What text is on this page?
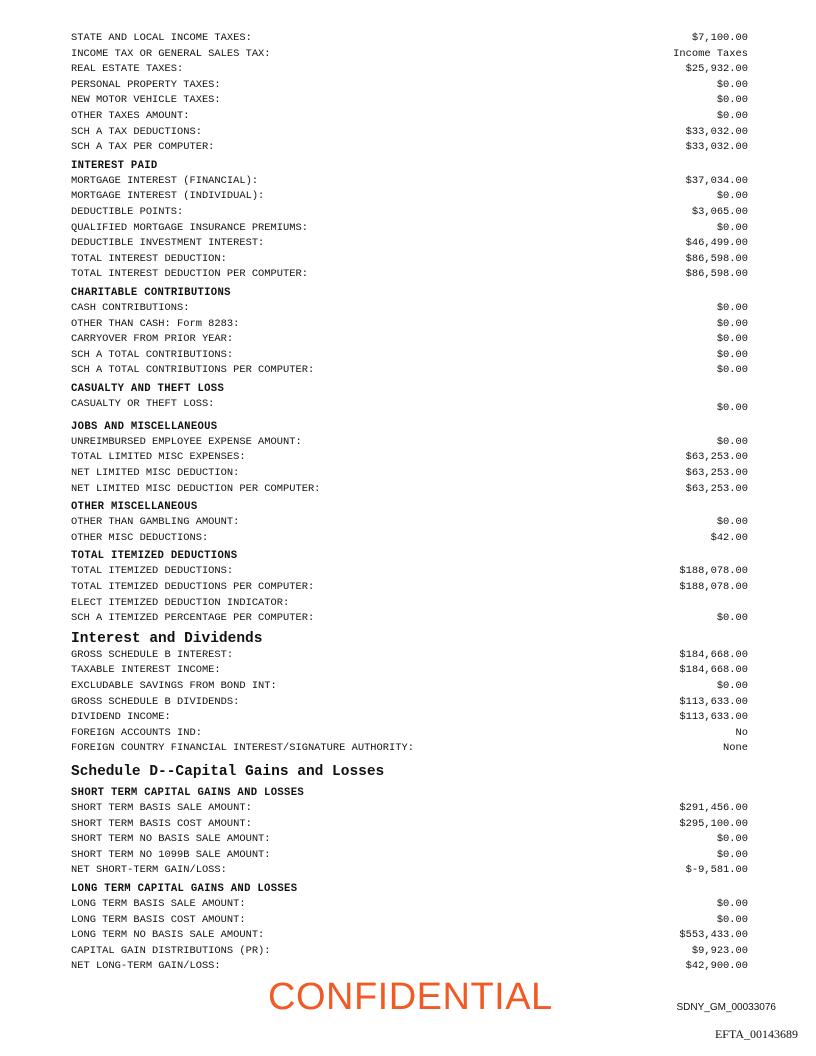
STATE AND LOCAL INCOME TAXES:	$7,100.00
INCOME TAX OR GENERAL SALES TAX:	Income Taxes
REAL ESTATE TAXES:	$25,932.00
PERSONAL PROPERTY TAXES:	$0.00
NEW MOTOR VEHICLE TAXES:	$0.00
OTHER TAXES AMOUNT:	$0.00
SCH A TAX DEDUCTIONS:	$33,032.00
SCH A TAX PER COMPUTER:	$33,032.00
INTEREST PAID
MORTGAGE INTEREST (FINANCIAL):	$37,034.00
MORTGAGE INTEREST (INDIVIDUAL):	$0.00
DEDUCTIBLE POINTS:	$3,065.00
QUALIFIED MORTGAGE INSURANCE PREMIUMS:	$0.00
DEDUCTIBLE INVESTMENT INTEREST:	$46,499.00
TOTAL INTEREST DEDUCTION:	$86,598.00
TOTAL INTEREST DEDUCTION PER COMPUTER:	$86,598.00
CHARITABLE CONTRIBUTIONS
CASH CONTRIBUTIONS:	$0.00
OTHER THAN CASH: Form 8283:	$0.00
CARRYOVER FROM PRIOR YEAR:	$0.00
SCH A TOTAL CONTRIBUTIONS:	$0.00
SCH A TOTAL CONTRIBUTIONS PER COMPUTER:	$0.00
CASUALTY AND THEFT LOSS
CASUALTY OR THEFT LOSS:	$0.00
JOBS AND MISCELLANEOUS
UNREIMBURSED EMPLOYEE EXPENSE AMOUNT:	$0.00
TOTAL LIMITED MISC EXPENSES:	$63,253.00
NET LIMITED MISC DEDUCTION:	$63,253.00
NET LIMITED MISC DEDUCTION PER COMPUTER:	$63,253.00
OTHER MISCELLANEOUS
OTHER THAN GAMBLING AMOUNT:	$0.00
OTHER MISC DEDUCTIONS:	$42.00
TOTAL ITEMIZED DEDUCTIONS
TOTAL ITEMIZED DEDUCTIONS:	$188,078.00
TOTAL ITEMIZED DEDUCTIONS PER COMPUTER:	$188,078.00
ELECT ITEMIZED DEDUCTION INDICATOR:
SCH A ITEMIZED PERCENTAGE PER COMPUTER:	$0.00
Interest and Dividends
GROSS SCHEDULE B INTEREST:	$184,668.00
TAXABLE INTEREST INCOME:	$184,668.00
EXCLUDABLE SAVINGS FROM BOND INT:	$0.00
GROSS SCHEDULE B DIVIDENDS:	$113,633.00
DIVIDEND INCOME:	$113,633.00
FOREIGN ACCOUNTS IND:	No
FOREIGN COUNTRY FINANCIAL INTEREST/SIGNATURE AUTHORITY:	None
Schedule D--Capital Gains and Losses
SHORT TERM CAPITAL GAINS AND LOSSES
SHORT TERM BASIS SALE AMOUNT:	$291,456.00
SHORT TERM BASIS COST AMOUNT:	$295,100.00
SHORT TERM NO BASIS SALE AMOUNT:	$0.00
SHORT TERM NO 1099B SALE AMOUNT:	$0.00
NET SHORT-TERM GAIN/LOSS:	$-9,581.00
LONG TERM CAPITAL GAINS AND LOSSES
LONG TERM BASIS SALE AMOUNT:	$0.00
LONG TERM BASIS COST AMOUNT:	$0.00
LONG TERM NO BASIS SALE AMOUNT:	$553,433.00
CAPITAL GAIN DISTRIBUTIONS (PR):	$9,923.00
NET LONG-TERM GAIN/LOSS:	$42,900.00
CONFIDENTIAL	SDNY_GM_00033076
EFTA_00143689
